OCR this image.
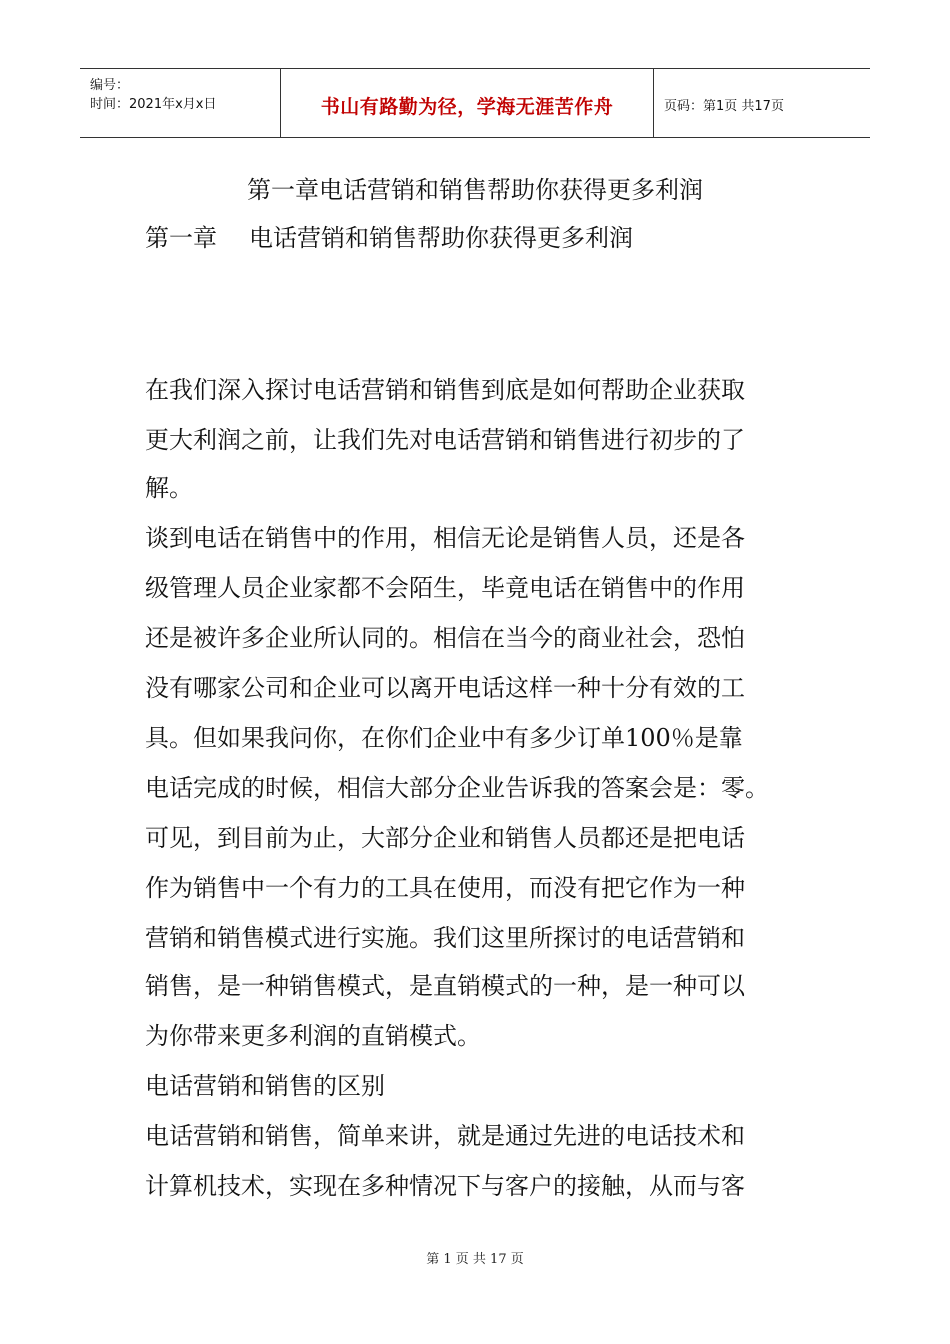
编号：
时间：2021年x月x日	书山有路勤为径，学海无涯苦作舟	页码：第1页 共17页
第一章电话营销和销售帮助你获得更多利润
第一章 电话营销和销售帮助你获得更多利润
在我们深入探讨电话营销和销售到底是如何帮助企业获取
更大利润之前，让我们先对电话营销和销售进行初步的了
解。
谈到电话在销售中的作用，相信无论是销售人员，还是各
级管理人员企业家都不会陌生，毕竟电话在销售中的作用
还是被许多企业所认同的。相信在当今的商业社会，恐怕
没有哪家公司和企业可以离开电话这样一种十分有效的工
具。但如果我问你，在你们企业中有多少订单100％是靠
电话完成的时候，相信大部分企业告诉我的答案会是：零。
可见，到目前为止，大部分企业和销售人员都还是把电话
作为销售中一个有力的工具在使用，而没有把它作为一种
营销和销售模式进行实施。我们这里所探讨的电话营销和
销售，是一种销售模式，是直销模式的一种，是一种可以
为你带来更多利润的直销模式。
电话营销和销售的区别
电话营销和销售，简单来讲，就是通过先进的电话技术和
计算机技术，实现在多种情况下与客户的接触，从而与客
第 1 页 共 17 页
